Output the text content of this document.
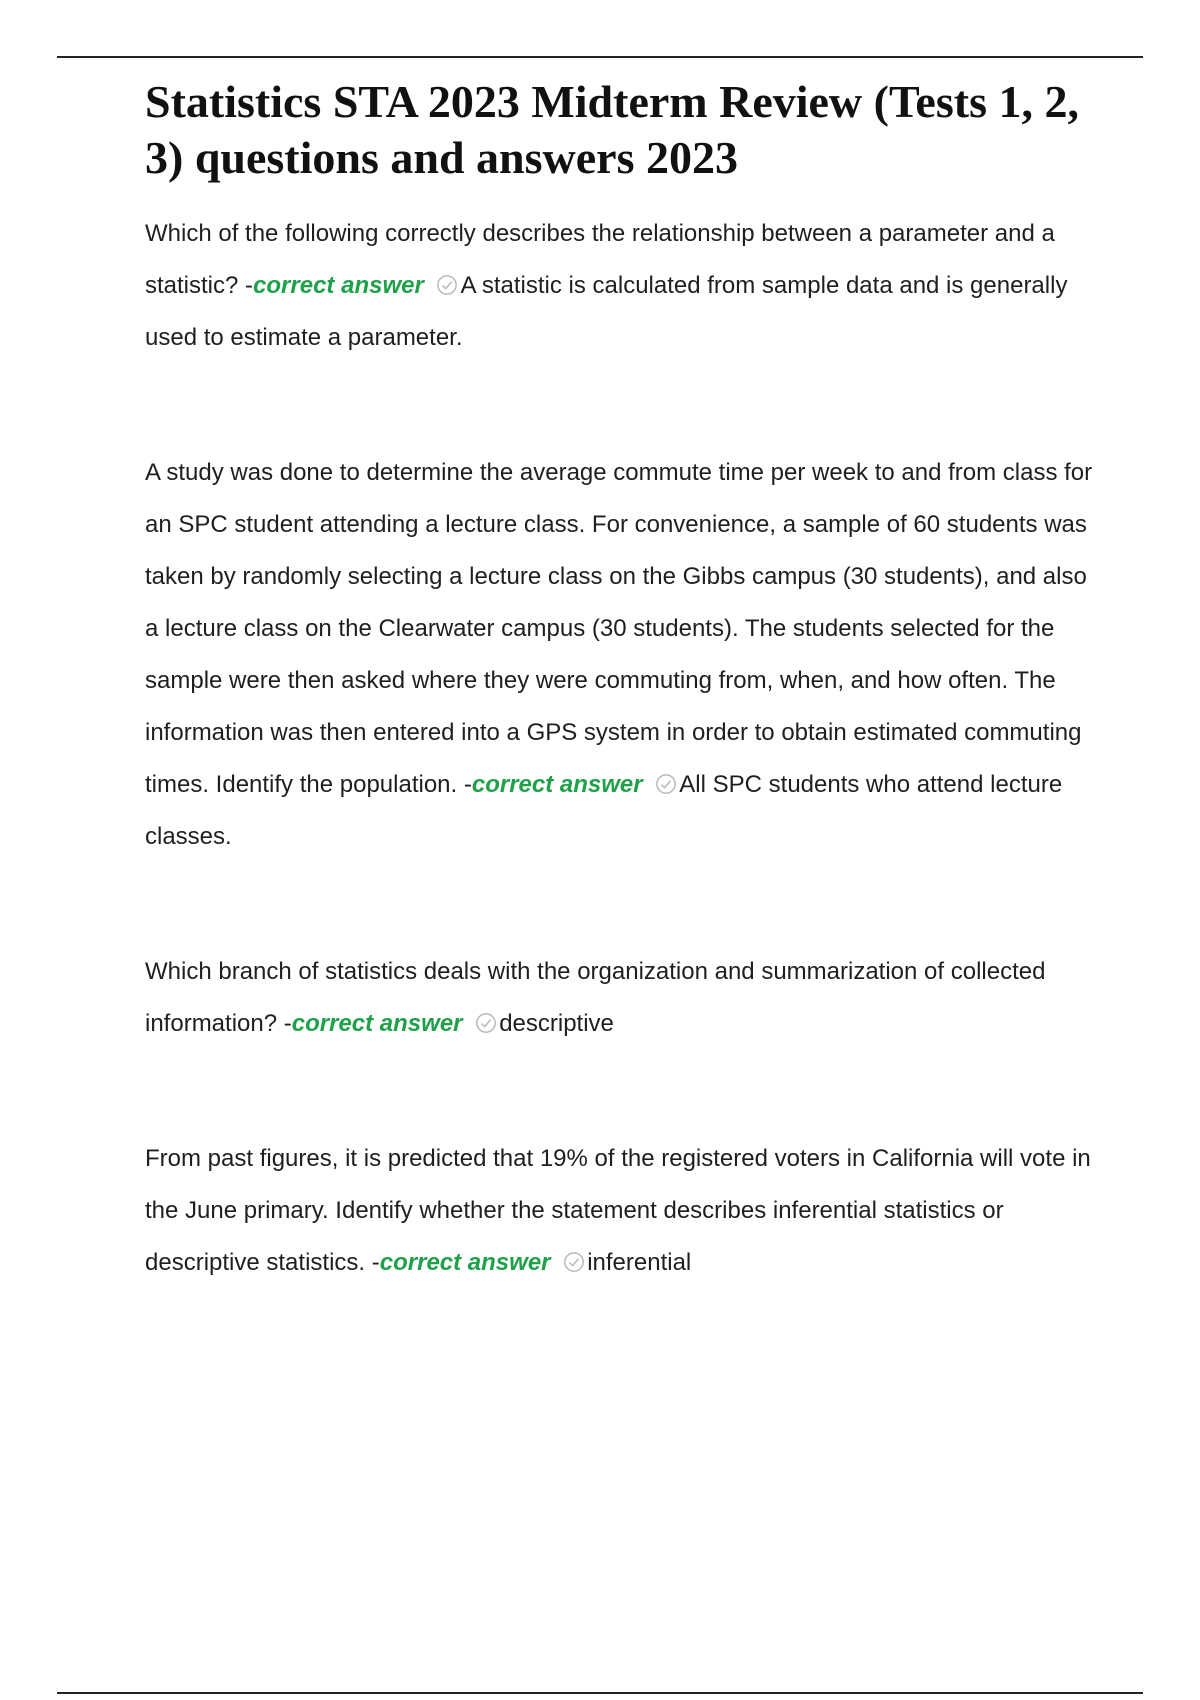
Statistics STA 2023 Midterm Review (Tests 1, 2, 3) questions and answers 2023

Which of the following correctly describes the relationship between a parameter and a statistic? -correct answer A statistic is calculated from sample data and is generally used to estimate a parameter.

A study was done to determine the average commute time per week to and from class for an SPC student attending a lecture class. For convenience, a sample of 60 students was taken by randomly selecting a lecture class on the Gibbs campus (30 students), and also a lecture class on the Clearwater campus (30 students). The students selected for the sample were then asked where they were commuting from, when, and how often. The information was then entered into a GPS system in order to obtain estimated commuting times. Identify the population. -correct answer All SPC students who attend lecture classes.

Which branch of statistics deals with the organization and summarization of collected information? -correct answer descriptive

From past figures, it is predicted that 19% of the registered voters in California will vote in the June primary. Identify whether the statement describes inferential statistics or descriptive statistics. -correct answer inferential
